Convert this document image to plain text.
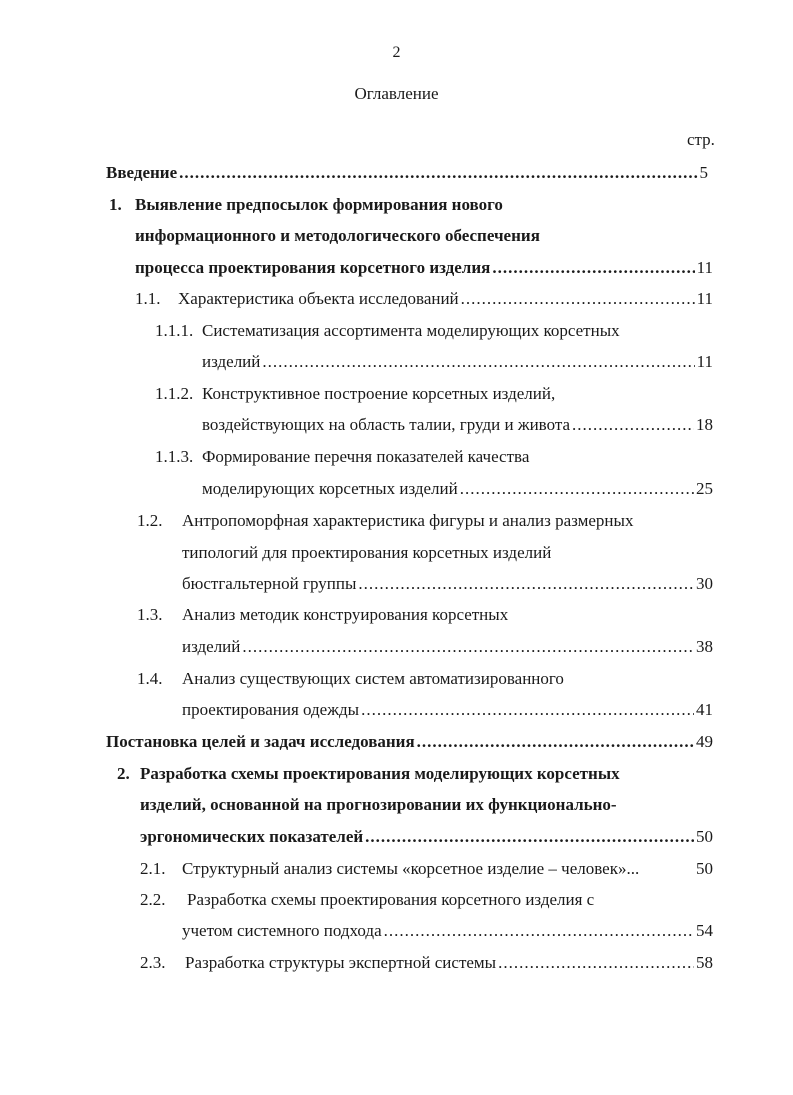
2
Оглавление
стр.
Введение .....	5
1. Выявление предпосылок формирования нового
информационного и методологического обеспечения
процесса проектирования корсетного изделия .....	11
1.1. Характеристика объекта исследований .....	11
1.1.1. Систематизация ассортимента моделирующих корсетных
изделий .....	11
1.1.2. Конструктивное построение корсетных изделий,
воздействующих на область талии, груди и живота .....	18
1.1.3. Формирование перечня показателей качества
моделирующих корсетных изделий .....	25
1.2. Антропоморфная характеристика фигуры и анализ размерных
типологий для проектирования корсетных изделий
бюстгальтерной группы .....	30
1.3. Анализ методик конструирования корсетных
изделий .....	38
1.4. Анализ существующих систем автоматизированного
проектирования одежды .....	41
Постановка целей и задач исследования .....	49
2. Разработка схемы проектирования моделирующих корсетных
изделий, основанной на прогнозировании их функционально-
эргономических показателей .....	50
2.1. Структурный анализ системы «корсетное изделие – человек»...	50
2.2. Разработка схемы проектирования корсетного изделия с
учетом системного подхода .....	54
2.3. Разработка структуры экспертной системы .....	58
